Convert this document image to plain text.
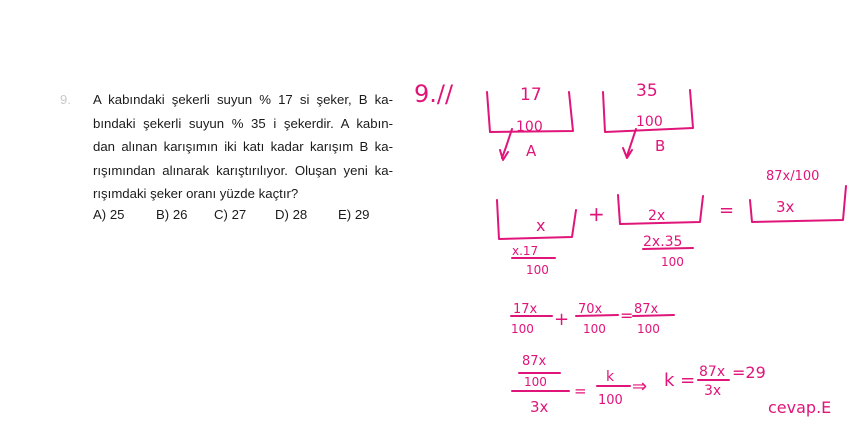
9. A kabındaki şekerli suyun % 17 si şeker, B ka-
bındaki şekerli suyun % 35 i şekerdir. A kabın-
dan alınan karışımın iki katı kadar karışım B ka-
rışımından alınarak karıştırılıyor. Oluşan yeni ka-
rışımdaki şeker oranı yüzde kaçtır?
A) 25 B) 26 C) 27 D) 28 E) 29
9.//	17
100
A
35
100
B
x +	2x	=	3x
87x/100
x.17
100
2x.35
100
17x
100 + 70x
100
= 87x
100
87x
100
3x
=
k
100
⇒ k = 87x
3x
=29
cevap.E
